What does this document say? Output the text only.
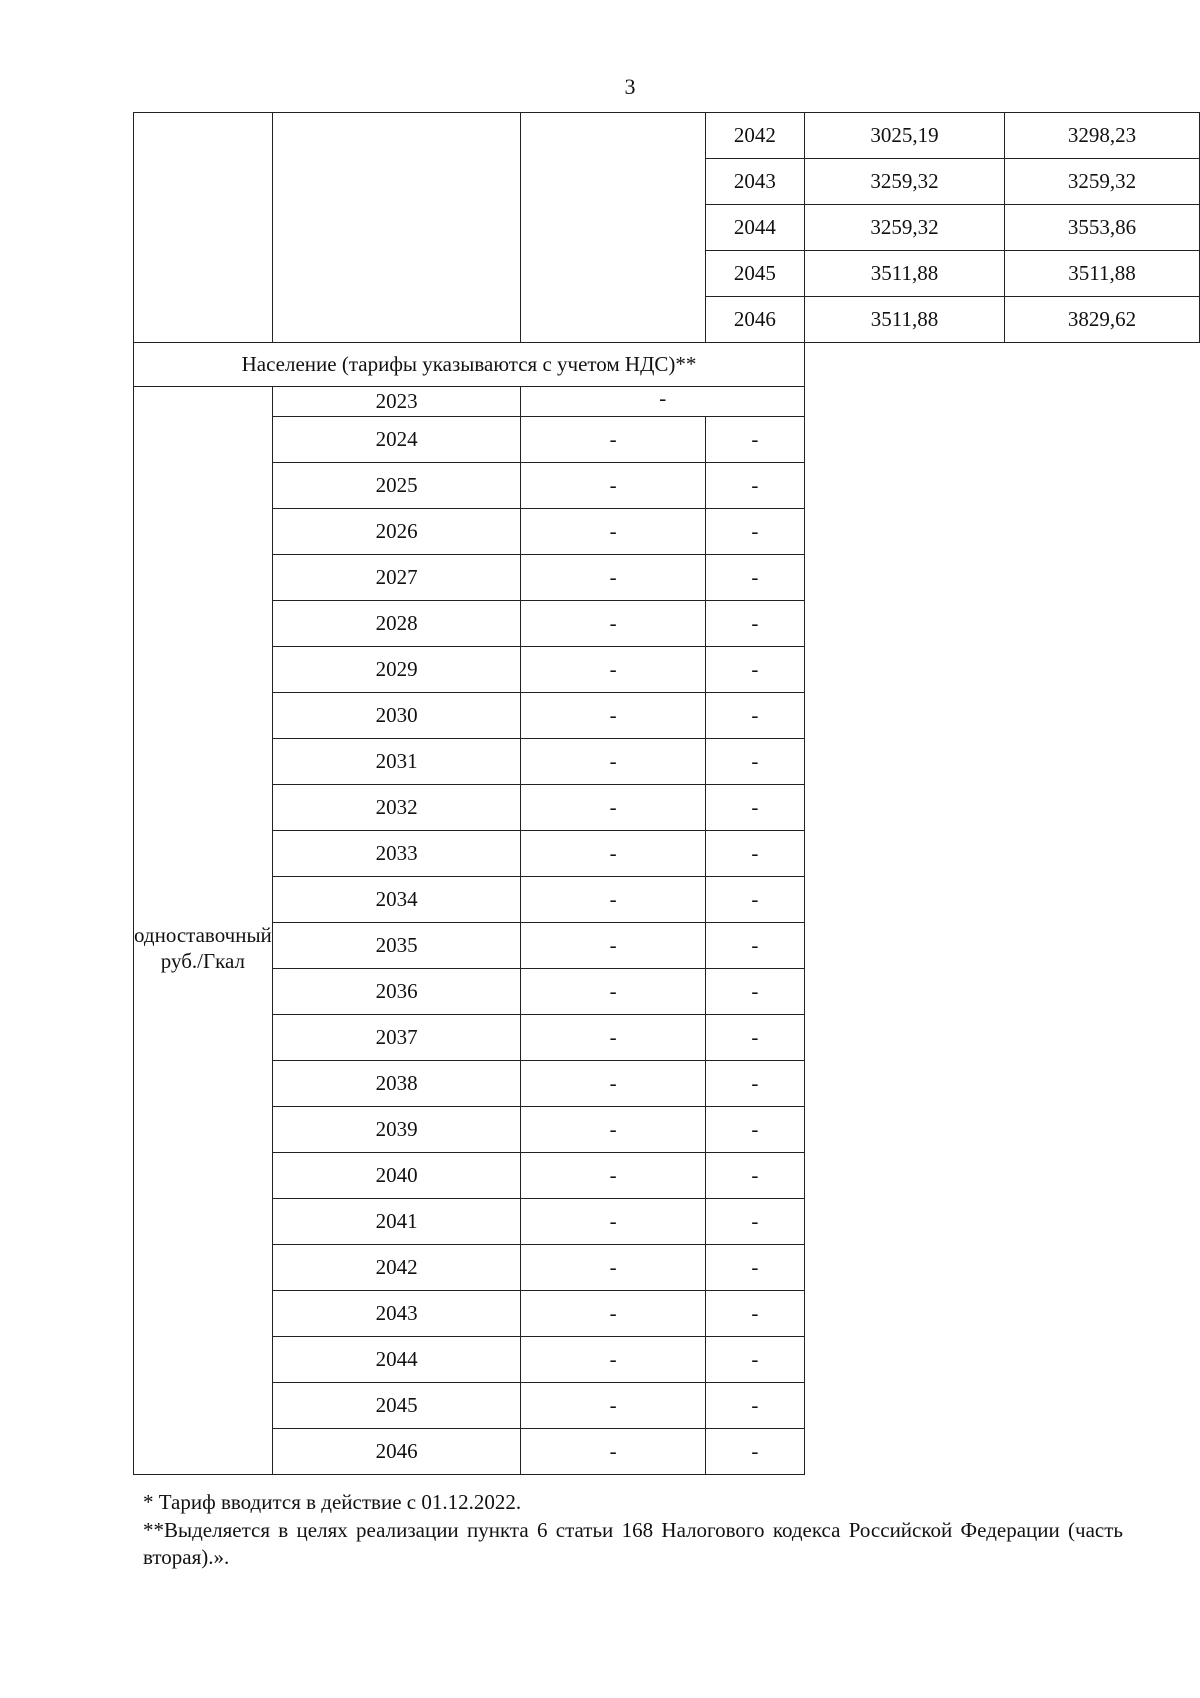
3
			2042	3025,19	3298,23
			2043	3259,32	3259,32
			2044	3259,32	3553,86
			2045	3511,88	3511,88
			2046	3511,88	3829,62
Население (тарифы указываются с учетом НДС)**					

одноставочный
руб./Гкал	2023	-			
	2024	-	-		
	2025	-	-		
	2026	-	-		
	2027	-	-		
	2028	-	-		
	2029	-	-		
	2030	-	-		
	2031	-	-		
	2032	-	-		
	2033	-	-		
	2034	-	-		
	2035	-	-		
	2036	-	-		
	2037	-	-		
	2038	-	-		
	2039	-	-		
	2040	-	-		
	2041	-	-		
	2042	-	-		
	2043	-	-		
	2044	-	-		
	2045	-	-		
	2046	-	-		

* Тариф вводится в действие с 01.12.2022.

**Выделяется в целях реализации пункта 6 статьи 168 Налогового кодекса Российской Федерации (часть вторая).».
